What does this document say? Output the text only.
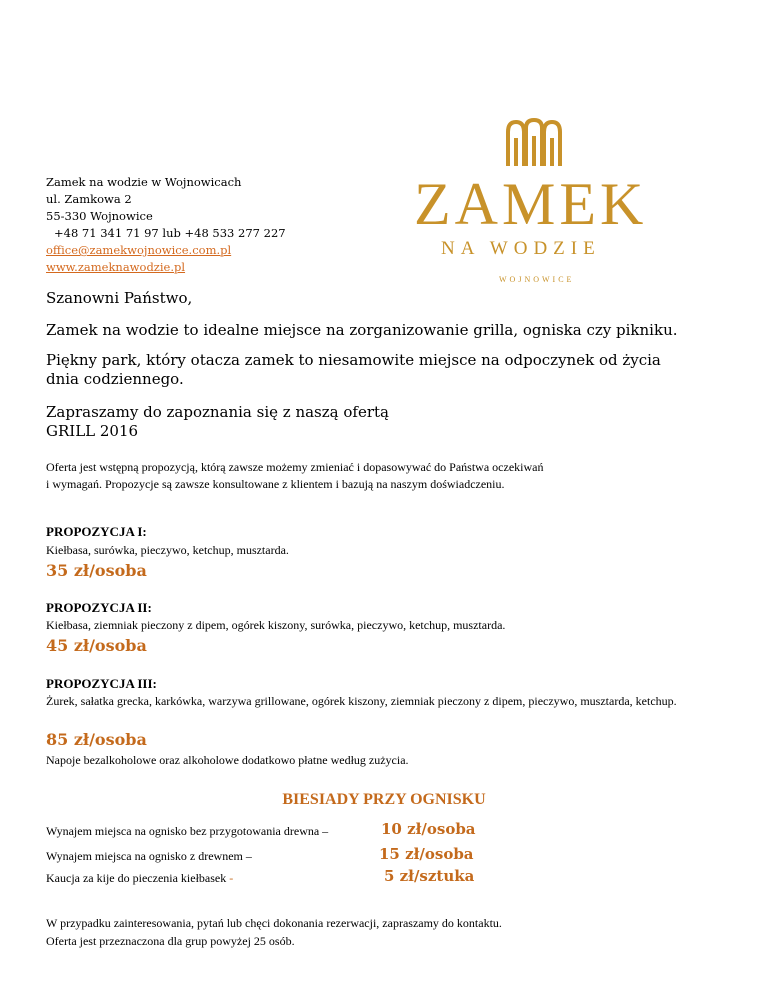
Zamek na wodzie w Wojnowicach
ul. Zamkowa 2
55-330 Wojnowice
+48 71 341 71 97 lub +48 533 277 227
office@zamekwojnowice.com.pl
www.zameknawodzie.pl
ZAMEK
NA WODZIE
WOJNOWICE
Szanowni Państwo,
Zamek na wodzie to idealne miejsce na zorganizowanie grilla, ogniska czy pikniku.
Piękny park, który otacza zamek to niesamowite miejsce na odpoczynek od życia dnia codziennego.
Zapraszamy do zapoznania się z naszą ofertą
GRILL 2016
Oferta jest wstępną propozycją, którą zawsze możemy zmieniać i dopasowywać do Państwa oczekiwań
i wymagań. Propozycje są zawsze konsultowane z klientem i bazują na naszym doświadczeniu.
PROPOZYCJA I:
Kiełbasa, surówka, pieczywo, ketchup, musztarda.
35 zł/osoba
PROPOZYCJA II:
Kiełbasa, ziemniak pieczony z dipem, ogórek kiszony, surówka, pieczywo, ketchup, musztarda.
45 zł/osoba
PROPOZYCJA III:
Żurek, sałatka grecka, karkówka, warzywa grillowane, ogórek kiszony, ziemniak pieczony z dipem, pieczywo, musztarda, ketchup.
85 zł/osoba
Napoje bezalkoholowe oraz alkoholowe dodatkowo płatne według zużycia.
BIESIADY PRZY OGNISKU
Wynajem miejsca na ognisko bez przygotowania drewna –	10 zł/osoba
Wynajem miejsca na ognisko z drewnem –	15 zł/osoba
Kaucja za kije do pieczenia kiełbasek -	5 zł/sztuka
W przypadku zainteresowania, pytań lub chęci dokonania rezerwacji, zapraszamy do kontaktu.
Oferta jest przeznaczona dla grup powyżej 25 osób.
